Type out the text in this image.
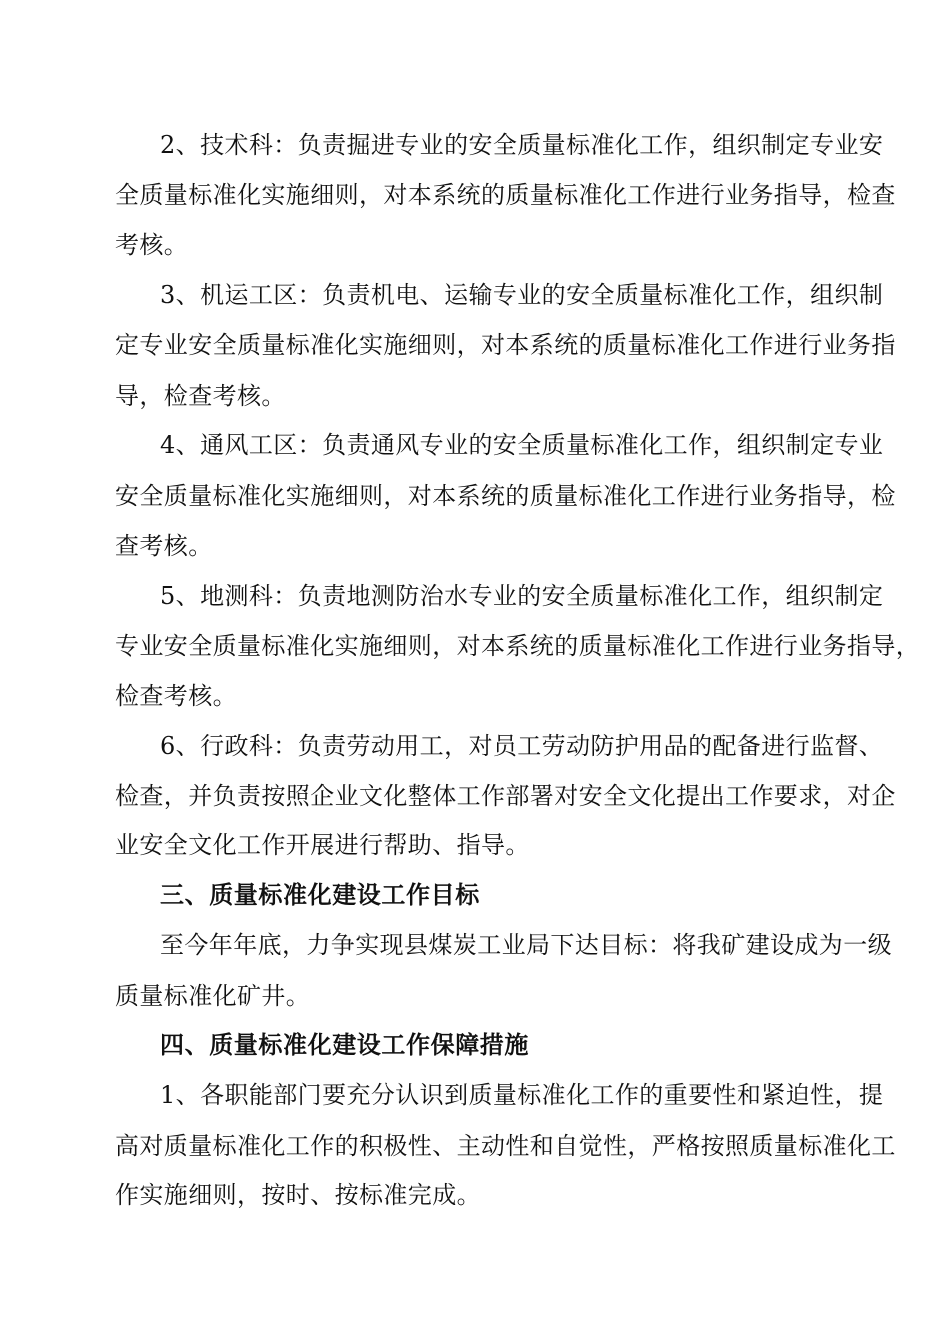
2、技术科：负责掘进专业的安全质量标准化工作，组织制定专业安
全质量标准化实施细则，对本系统的质量标准化工作进行业务指导，检查
考核。
3、机运工区：负责机电、运输专业的安全质量标准化工作，组织制
定专业安全质量标准化实施细则，对本系统的质量标准化工作进行业务指
导，检查考核。
4、通风工区：负责通风专业的安全质量标准化工作，组织制定专业
安全质量标准化实施细则，对本系统的质量标准化工作进行业务指导，检
查考核。
5、地测科：负责地测防治水专业的安全质量标准化工作，组织制定
专业安全质量标准化实施细则，对本系统的质量标准化工作进行业务指导，
检查考核。
6、行政科：负责劳动用工，对员工劳动防护用品的配备进行监督、
检查，并负责按照企业文化整体工作部署对安全文化提出工作要求，对企
业安全文化工作开展进行帮助、指导。
三、质量标准化建设工作目标
至今年年底，力争实现县煤炭工业局下达目标：将我矿建设成为一级
质量标准化矿井。
四、质量标准化建设工作保障措施
1、各职能部门要充分认识到质量标准化工作的重要性和紧迫性，提
高对质量标准化工作的积极性、主动性和自觉性，严格按照质量标准化工
作实施细则，按时、按标准完成。
